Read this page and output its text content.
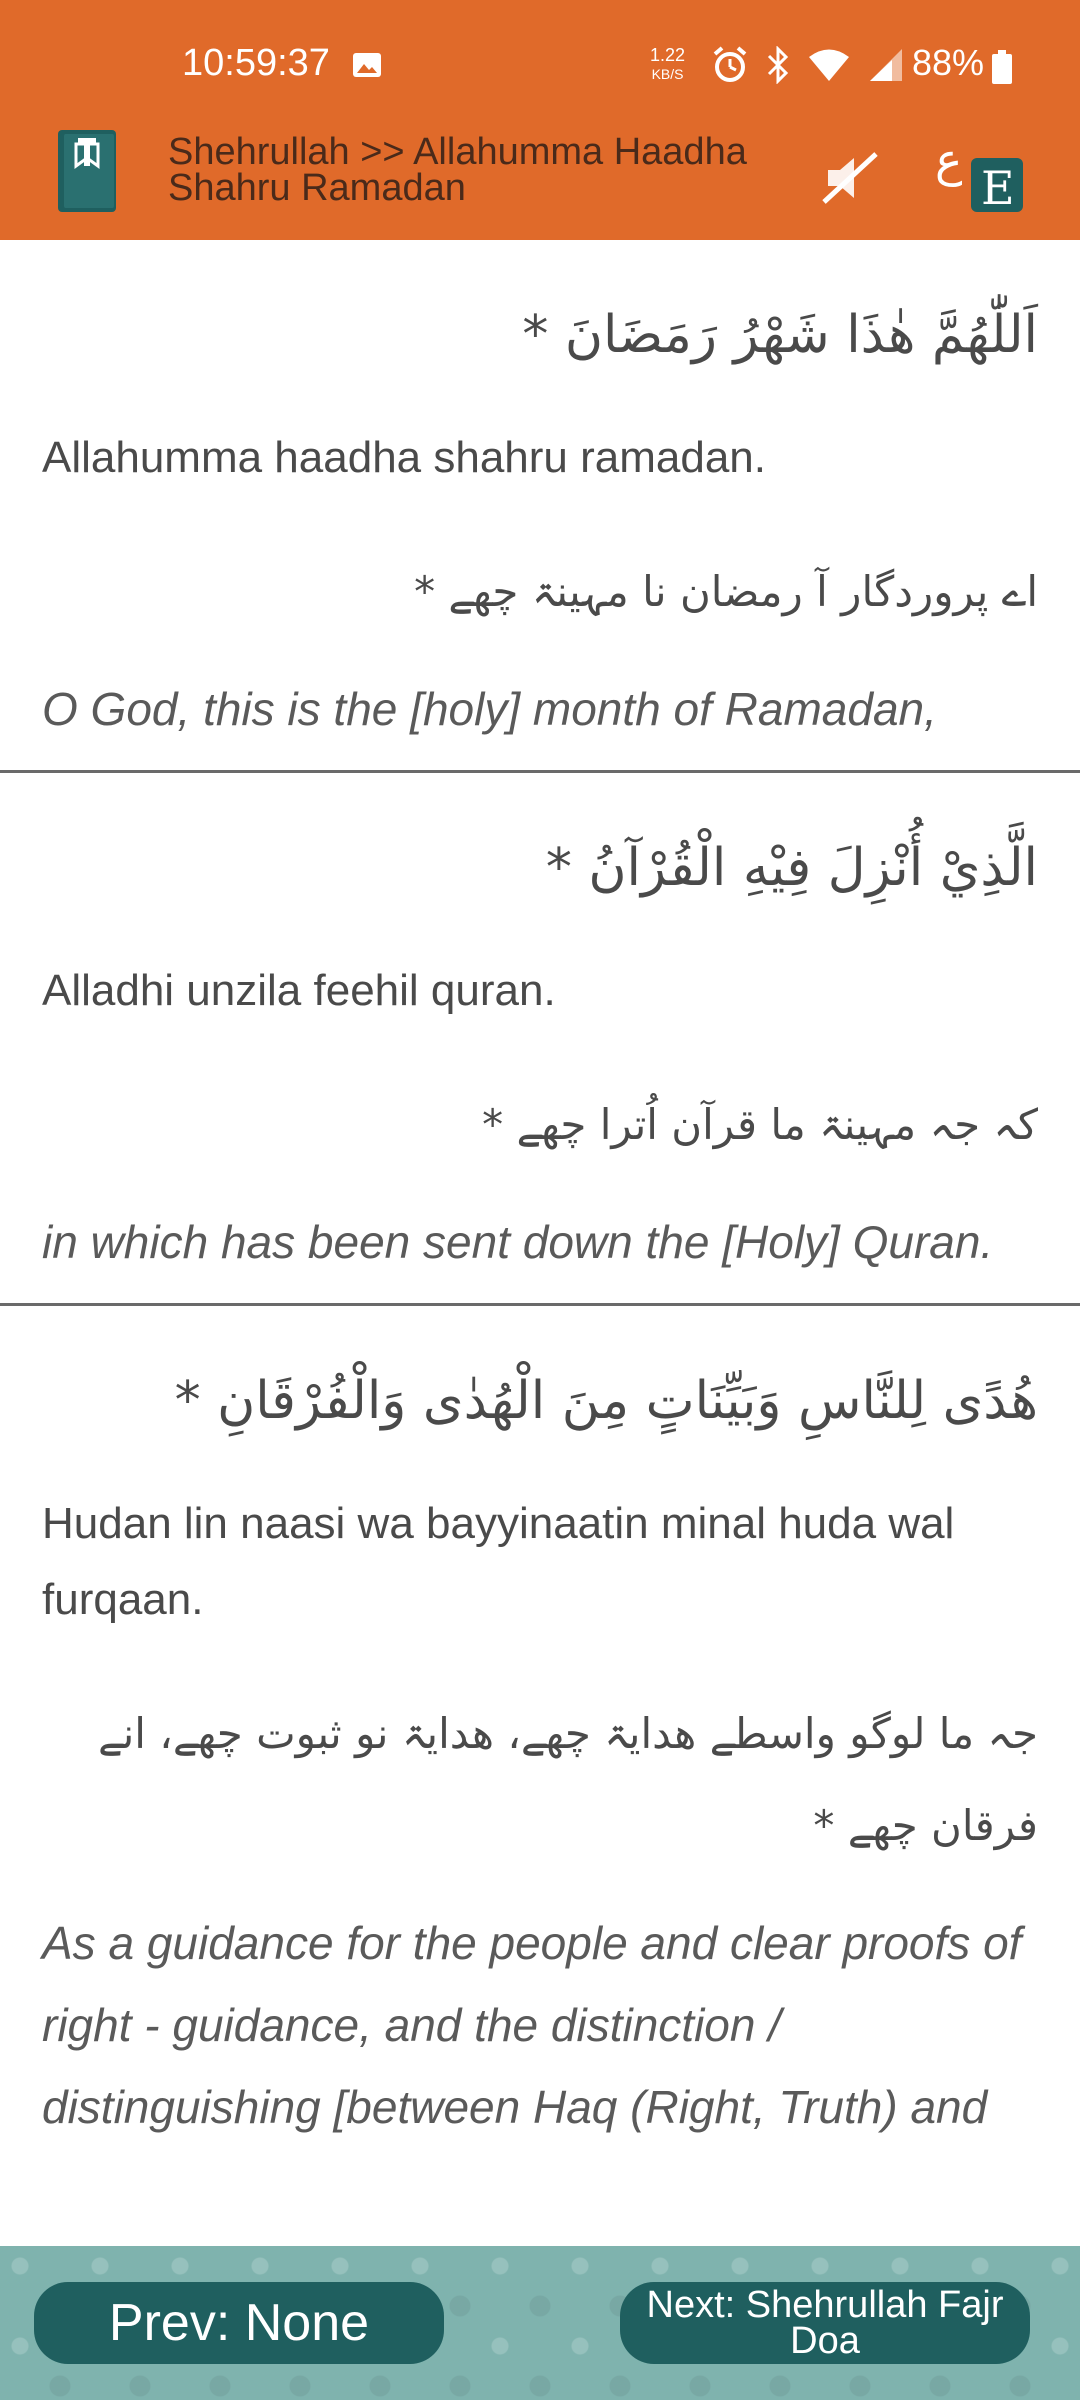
10:59:37	1.22
KB/S	88%
Shehrullah >> Allahumma Haadha Shahru Ramadan
ع
E
اَللّٰهُمَّ هٰذَا شَهْرُ رَمَضَانَ *
Allahumma haadha shahru ramadan.
اے پروردگار آ رمضان نا مہینۃ چھے *
O God, this is the [holy] month of Ramadan,
الَّذِيْ أُنْزِلَ فِيْهِ الْقُرْآنُ *
Alladhi unzila feehil quran.
کہ جہ مہینۃ ما قرآن اُترا چھے *
in which has been sent down the [Holy] Quran.
هُدًى لِلنَّاسِ وَبَيِّنَاتٍ مِنَ الْهُدٰى وَالْفُرْقَانِ *
Hudan lin naasi wa bayyinaatin minal huda wal furqaan.
جہ ما لوگو واسطے ھدایۃ چھے، ھدایۃ نو ثبوت چھے، انے فرقان چھے *
As a guidance for the people and clear proofs of right - guidance, and the distinction / distinguishing [between Haq (Right, Truth) and
Prev: None	Next: Shehrullah Fajr Doa
